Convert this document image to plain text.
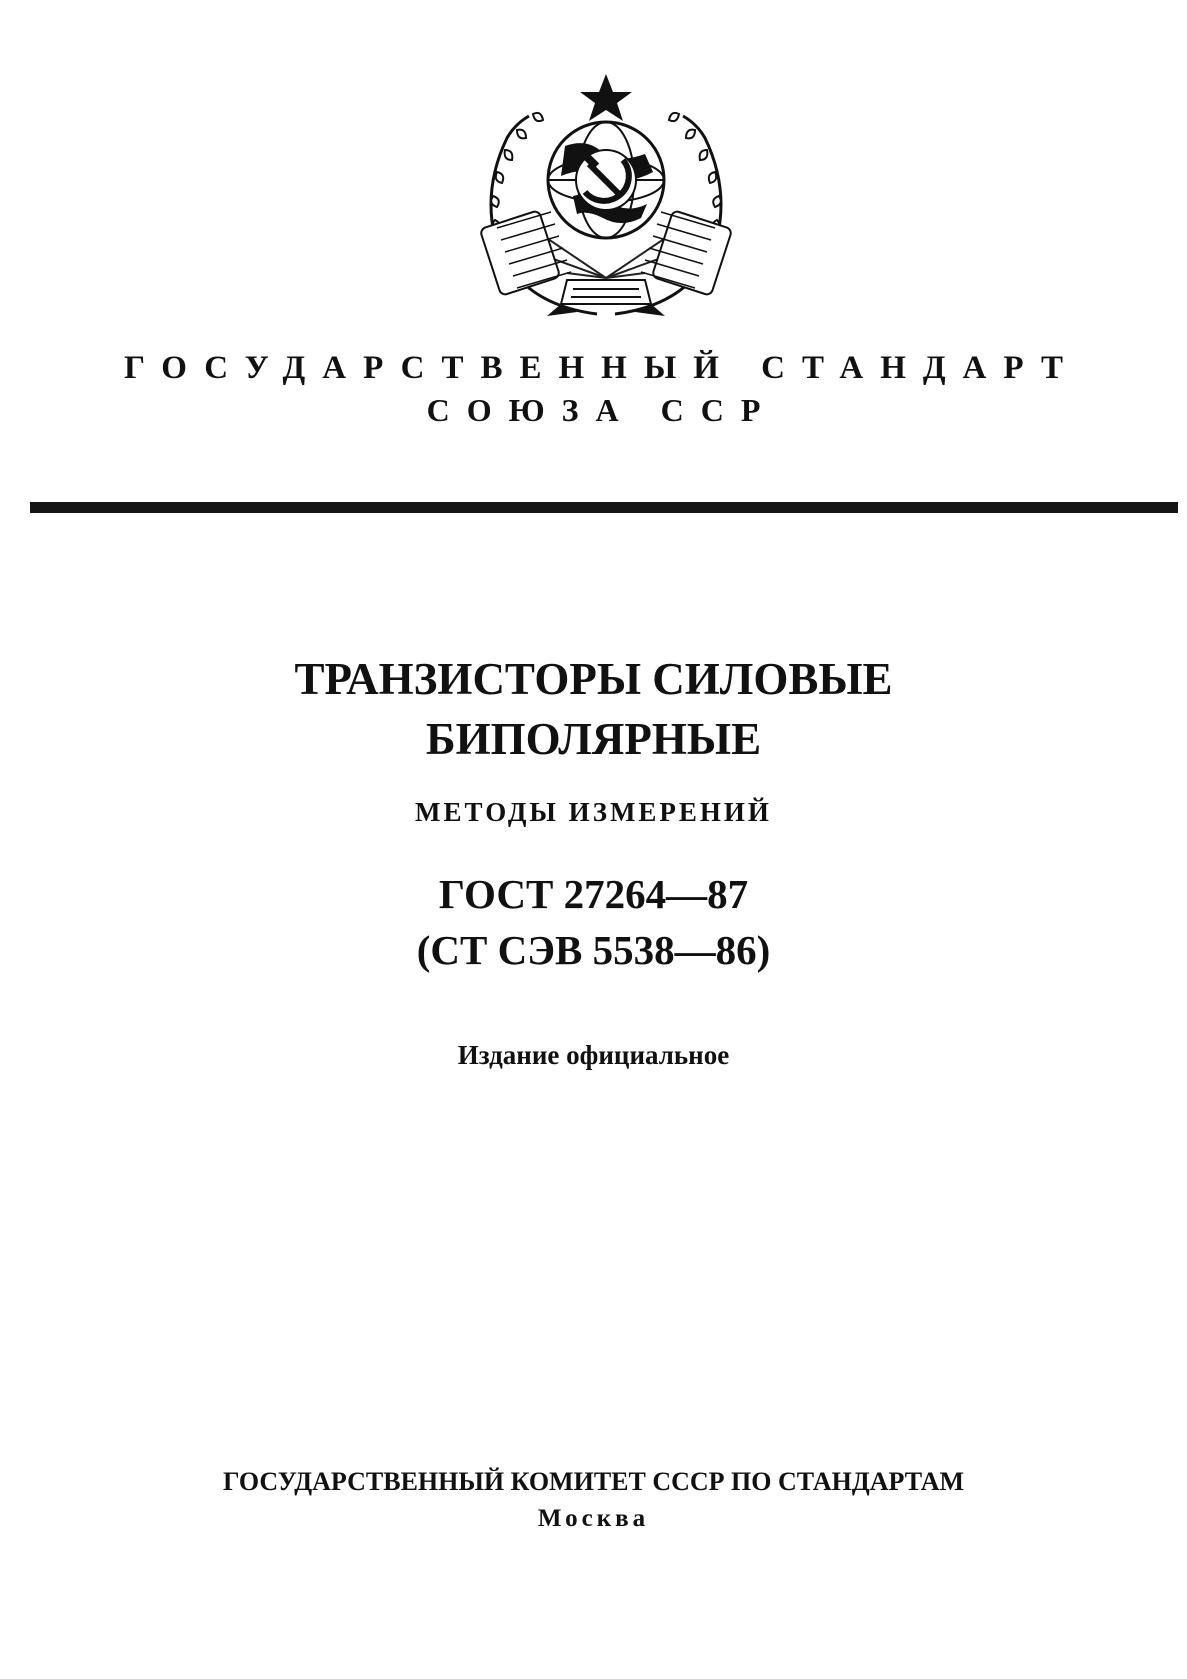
ГОСУДАРСТВЕННЫЙ СТАНДАРТ
СОЮЗА ССР
ТРАНЗИСТОРЫ СИЛОВЫЕ
БИПОЛЯРНЫЕ
МЕТОДЫ ИЗМЕРЕНИЙ
ГОСТ 27264—87
(СТ СЭВ 5538—86)
Издание официальное
ГОСУДАРСТВЕННЫЙ КОМИТЕТ СССР ПО СТАНДАРТАМ
Москва
